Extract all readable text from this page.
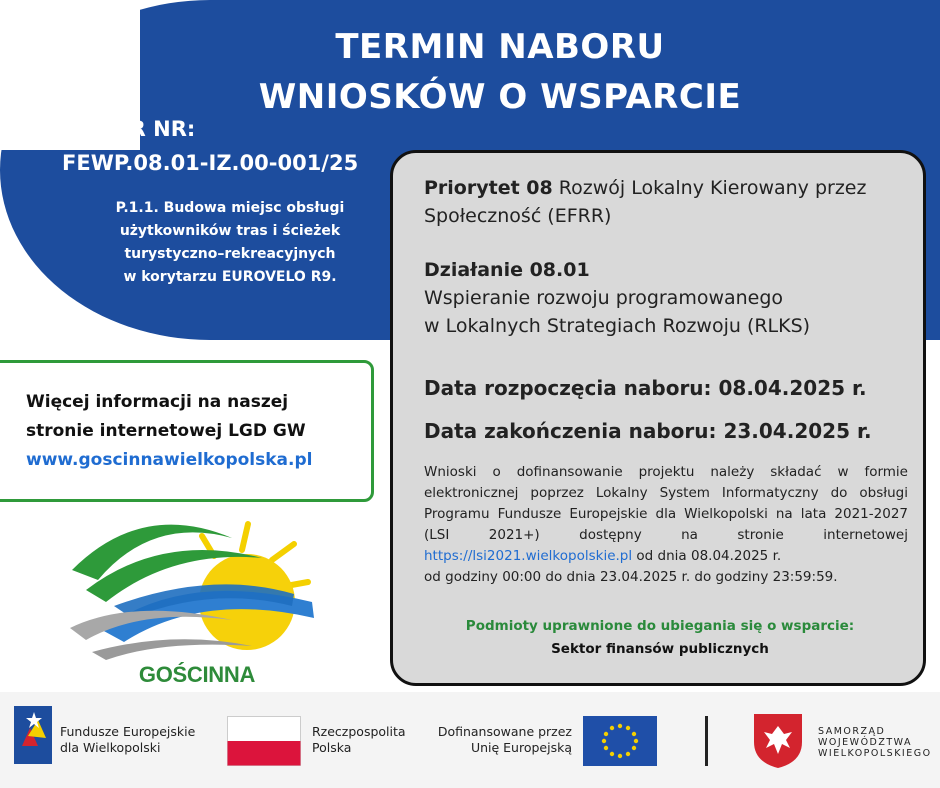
TERMIN NABORU
WNIOSKÓW O WSPARCIE
NABÓR NR:
FEWP.08.01-IZ.00-001/25
P.1.1. Budowa miejsc obsługi
użytkowników tras i ścieżek
turystyczno–rekreacyjnych
w korytarzu EUROVELO R9.
Priorytet 08 Rozwój Lokalny Kierowany przez Społeczność (EFRR)
Działanie 08.01
Wspieranie rozwoju programowanego
w Lokalnych Strategiach Rozwoju (RLKS)
Data rozpoczęcia naboru: 08.04.2025 r.
Data zakończenia naboru: 23.04.2025 r.
Wnioski o dofinansowanie projektu należy składać w formie elektronicznej poprzez Lokalny System Informatyczny do obsługi Programu Fundusze Europejskie dla Wielkopolski na lata 2021-2027 (LSI 2021+) dostępny na stronie internetowej https://lsi2021.wielkopolskie.pl od dnia 08.04.2025 r.
od godziny 00:00 do dnia 23.04.2025 r. do godziny 23:59:59.
Podmioty uprawnione do ubiegania się o wsparcie:
Sektor finansów publicznych
Więcej informacji na naszej
stronie internetowej LGD GW
www.goscinnawielkopolska.pl
GOŚCINNA
Fundusze Europejskie
dla Wielkopolski
Rzeczpospolita
Polska
Dofinansowane przez
Unię Europejską
SAMORZĄD
WOJEWÓDZTWA
WIELKOPOLSKIEGO
